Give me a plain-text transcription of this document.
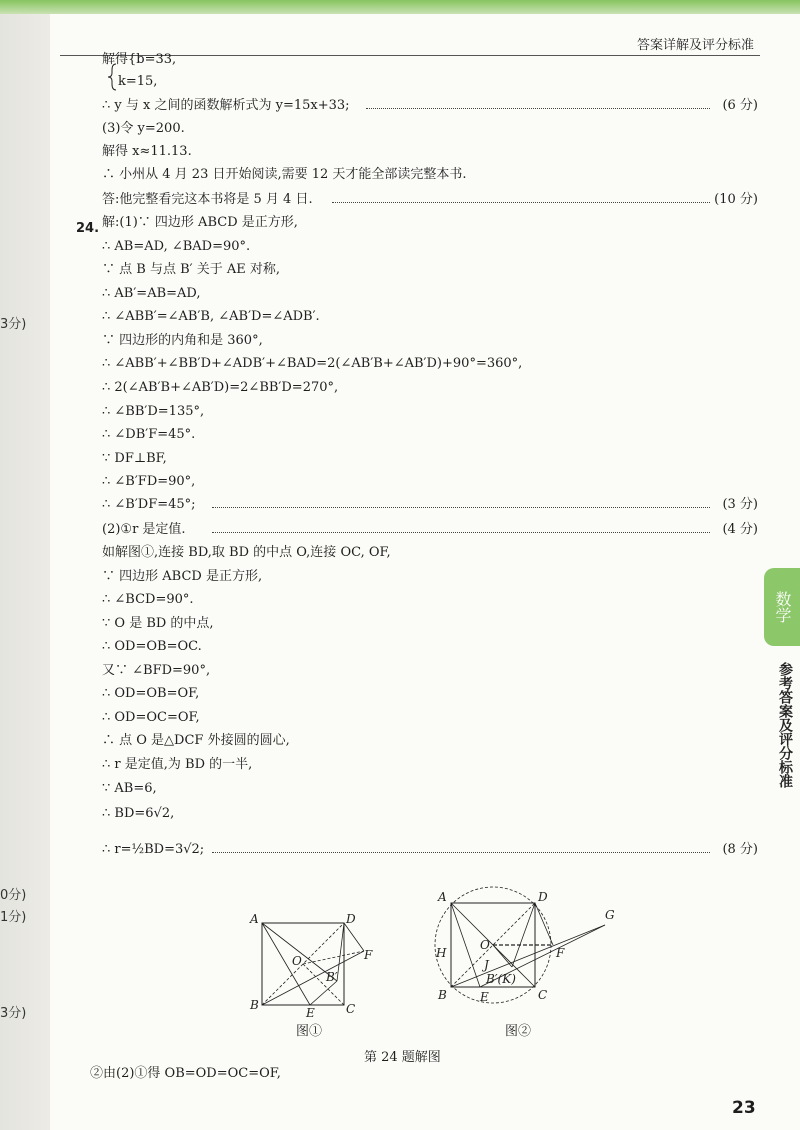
3分)
0分)
1分)
3分)
答案详解及评分标准
24.
解得{b=33,
k=15,
∴ y 与 x 之间的函数解析式为 y=15x+33;
(3)令 y=200.
解得 x≈11.13.
∴ 小州从 4 月 23 日开始阅读,需要 12 天才能全部读完整本书.
答:他完整看完这本书将是 5 月 4 日.
解:(1)∵ 四边形 ABCD 是正方形,
∴ AB=AD, ∠BAD=90°.
∵ 点 B 与点 B′ 关于 AE 对称,
∴ AB′=AB=AD,
∴ ∠ABB′=∠AB′B, ∠AB′D=∠ADB′.
∵ 四边形的内角和是 360°,
∴ ∠ABB′+∠BB′D+∠ADB′+∠BAD=2(∠AB′B+∠AB′D)+90°=360°,
∴ 2(∠AB′B+∠AB′D)=2∠BB′D=270°,
∴ ∠BB′D=135°,
∴ ∠DB′F=45°.
∵ DF⊥BF,
∴ ∠B′FD=90°,
∴ ∠B′DF=45°;
(2)①r 是定值.
如解图①,连接 BD,取 BD 的中点 O,连接 OC, OF,
∵ 四边形 ABCD 是正方形,
∴ ∠BCD=90°.
∵ O 是 BD 的中点,
∴ OD=OB=OC.
又∵ ∠BFD=90°,
∴ OD=OB=OF,
∴ OD=OC=OF,
∴ 点 O 是△DCF 外接圆的圆心,
∴ r 是定值,为 BD 的一半,
∵ AB=6,
∴ BD=6√2,
∴ r=½BD=3√2;
②由(2)①得 OB=OD=OC=OF,
(6 分)
(10 分)
(3 分)
(4 分)
(8 分)
A
B	C
D
E
F
O
B′
图①
A
B	C
D
E
F
G
H
J
O
B′(K)
图②
第 24 题解图
数学
参考答案及评分标准
23
